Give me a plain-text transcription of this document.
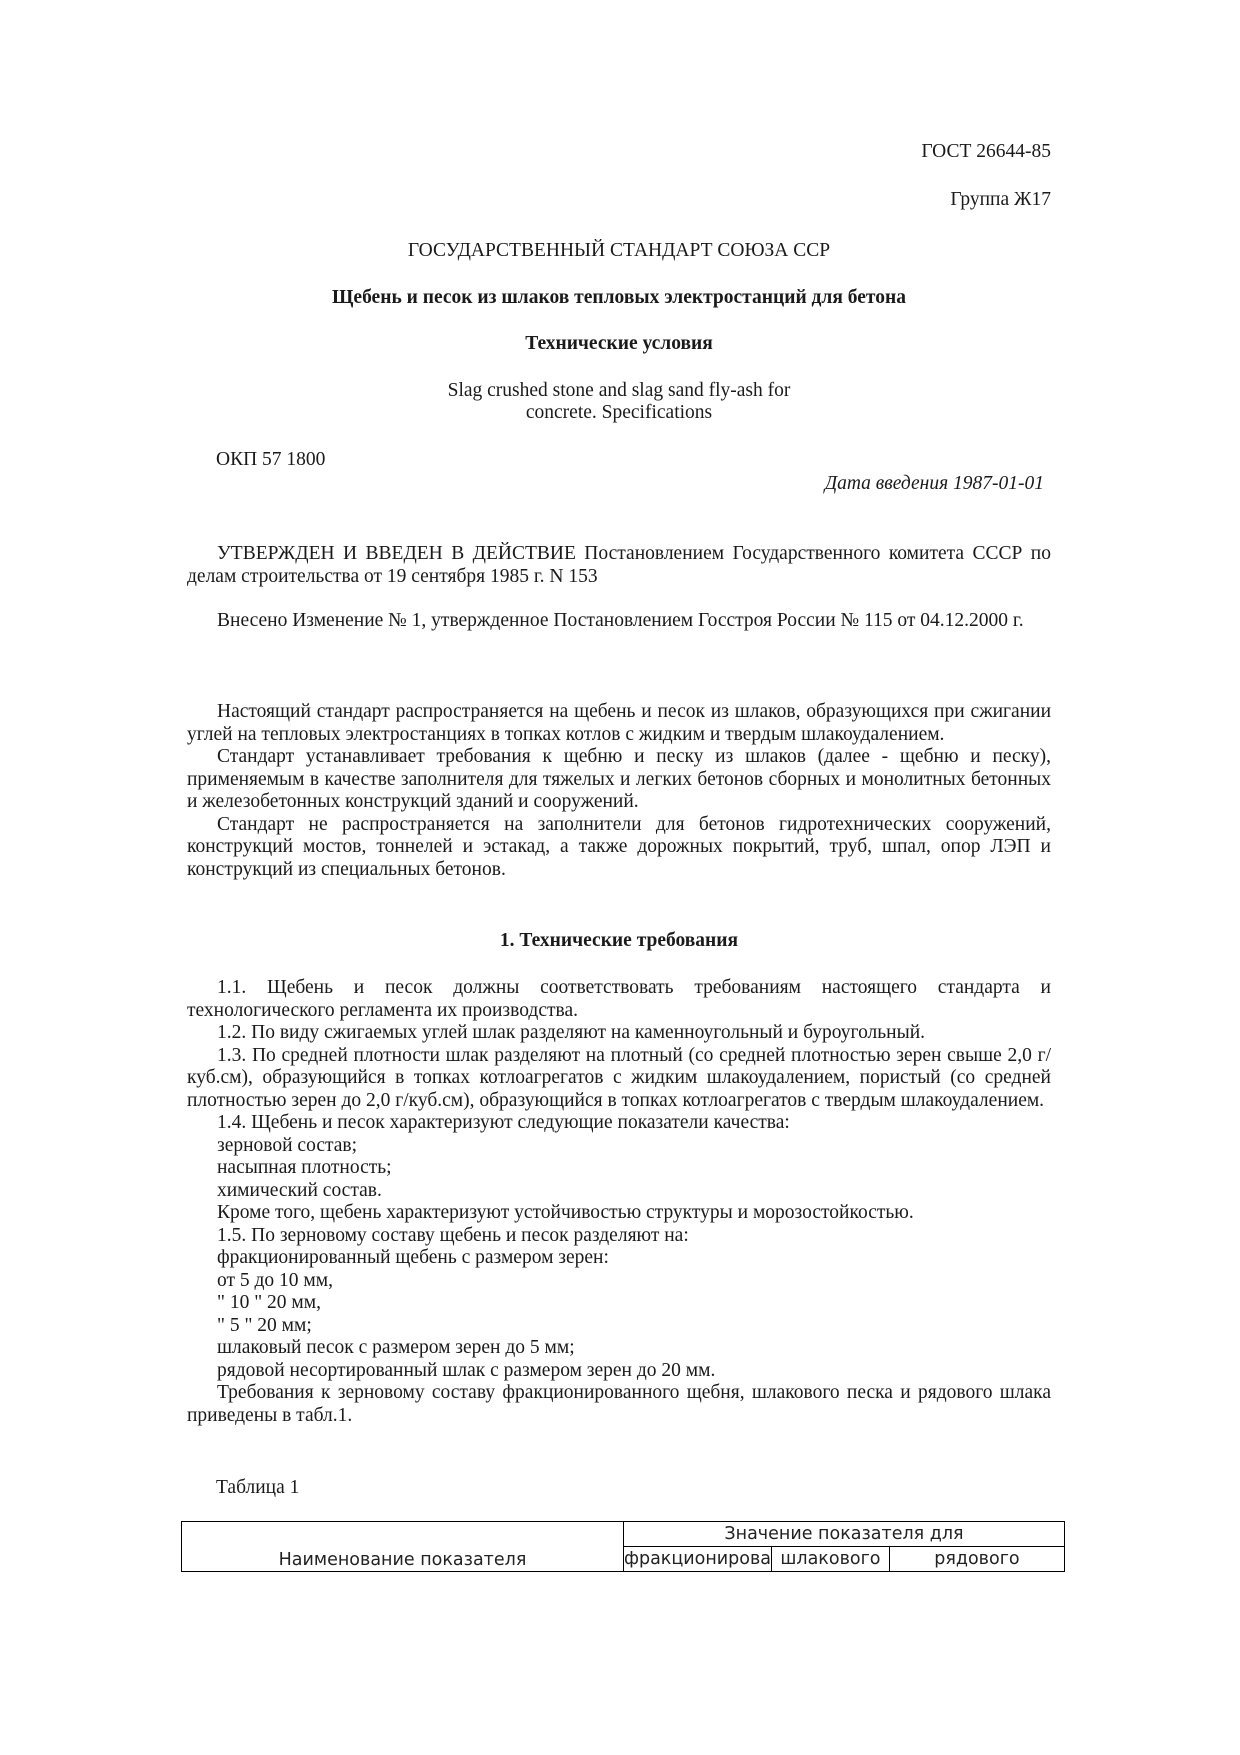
ГОСТ 26644-85
Группа Ж17
ГОСУДАРСТВЕННЫЙ СТАНДАРТ СОЮЗА ССР
Щебень и песок из шлаков тепловых электростанций для бетона
Технические условия
Slag crushed stone and slag sand fly-ash for
concrete. Specifications
ОКП 57 1800
Дата введения 1987-01-01

УТВЕРЖДЕН И ВВЕДЕН В ДЕЙСТВИЕ Постановлением Государственного комитета СССР по делам строительства от 19 сентября 1985 г. N 153

Внесено Изменение № 1, утвержденное Постановлением Госстроя России № 115 от 04.12.2000 г.

Настоящий стандарт распространяется на щебень и песок из шлаков, образующихся при сжигании углей на тепловых электростанциях в топках котлов с жидким и твердым шлакоудалением.

Стандарт устанавливает требования к щебню и песку из шлаков (далее - щебню и песку), применяемым в качестве заполнителя для тяжелых и легких бетонов сборных и монолитных бетонных и железобетонных конструкций зданий и сооружений.

Стандарт не распространяется на заполнители для бетонов гидротехнических сооружений, конструкций мостов, тоннелей и эстакад, а также дорожных покрытий, труб, шпал, опор ЛЭП и конструкций из специальных бетонов.

1. Технические требования

1.1. Щебень и песок должны соответствовать требованиям настоящего стандарта и технологического регламента их производства.

1.2. По виду сжигаемых углей шлак разделяют на каменноугольный и буроугольный.

1.3. По средней плотности шлак разделяют на плотный (со средней плотностью зерен свыше 2,0 г/куб.см), образующийся в топках котлоагрегатов с жидким шлакоудалением, пористый (со средней плотностью зерен до 2,0 г/куб.см), образующийся в топках котлоагрегатов с твердым шлакоудалением.

1.4. Щебень и песок характеризуют следующие показатели качества:

зерновой состав;

насыпная плотность;

химический состав.

Кроме того, щебень характеризуют устойчивостью структуры и морозостойкостью.

1.5. По зерновому составу щебень и песок разделяют на:

фракционированный щебень с размером зерен:

от 5 до 10 мм,

" 10 " 20 мм,

" 5 " 20 мм;

шлаковый песок с размером зерен до 5 мм;

рядовой несортированный шлак с размером зерен до 20 мм.

Требования к зерновому составу фракционированного щебня, шлакового песка и рядового шлака приведены в табл.1.

Таблица 1
Наименование показателя	Значение показателя для		
	фракционирова	шлакового	рядового
